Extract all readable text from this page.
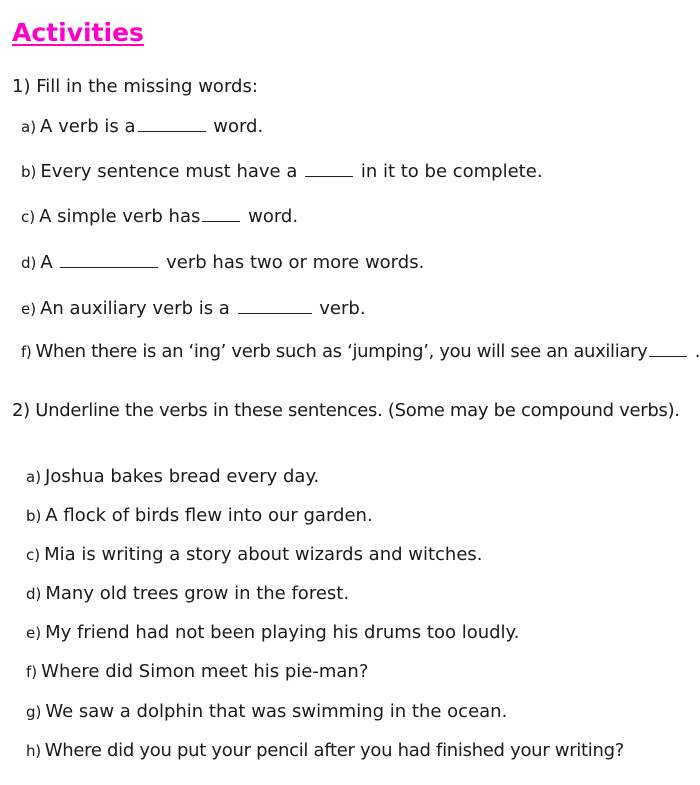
Activities

1) Fill in the missing words:

a) A verb is a	word.

b) Every sentence must have a	in it to be complete.

c) A simple verb has word.

d) A	verb has two or more words.

e) An auxiliary verb is a	verb.

f) When there is an ‘ing’ verb such as ‘jumping’, you will see an auxiliary .

2) Underline the verbs in these sentences. (Some may be compound verbs).

a) Joshua bakes bread every day.

b) A flock of birds flew into our garden.

c) Mia is writing a story about wizards and witches.

d) Many old trees grow in the forest.

e) My friend had not been playing his drums too loudly.

f) Where did Simon meet his pie-man?

g) We saw a dolphin that was swimming in the ocean.

h) Where did you put your pencil after you had finished your writing?
